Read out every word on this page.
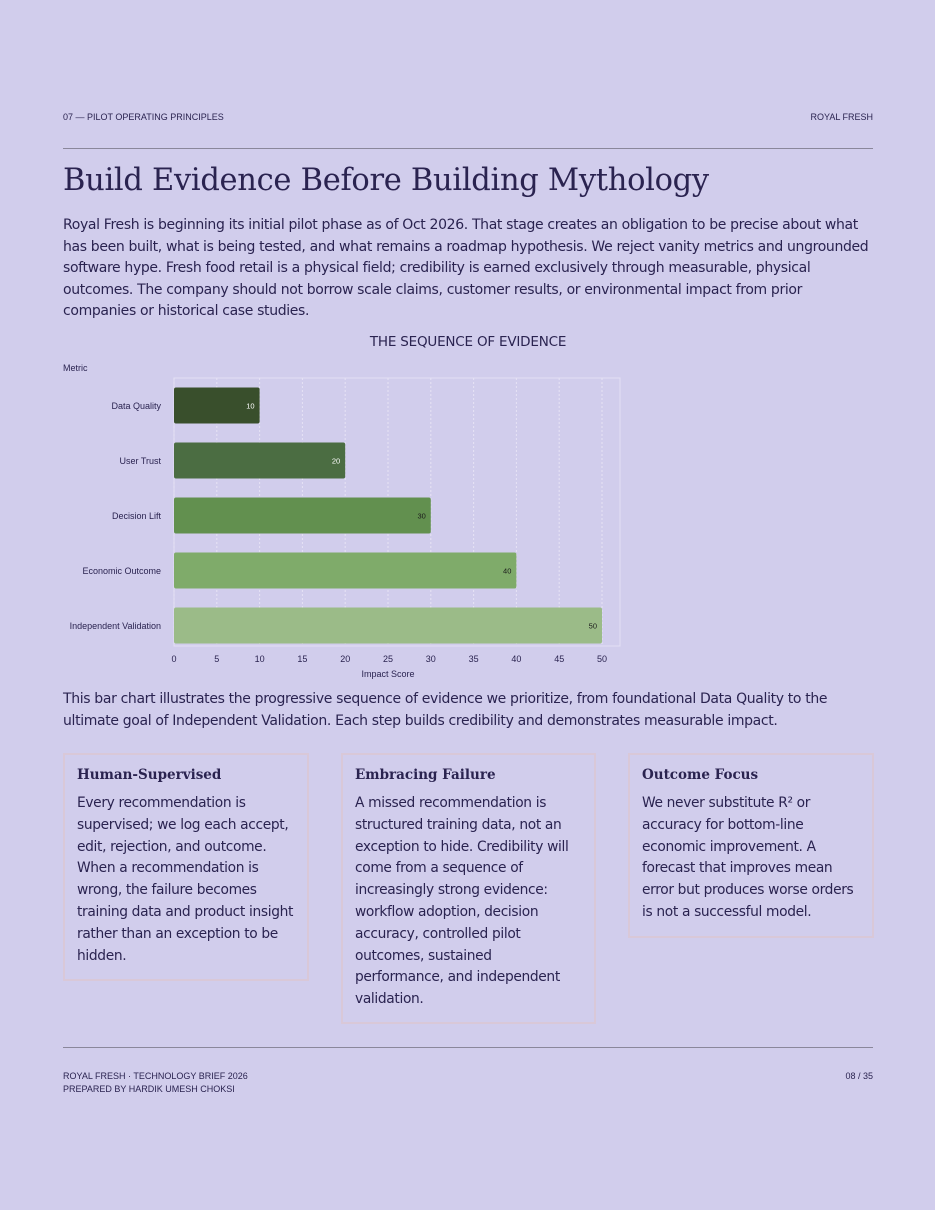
07 — PILOT OPERATING PRINCIPLES	ROYAL FRESH
Build Evidence Before Building Mythology

Royal Fresh is beginning its initial pilot phase as of Oct 2026. That stage creates an obligation to be precise about what has been built, what is being tested, and what remains a roadmap hypothesis. We reject vanity metrics and ungrounded software hype. Fresh food retail is a physical field; credibility is earned exclusively through measurable, physical outcomes. The company should not borrow scale claims, customer results, or environmental impact from prior companies or historical case studies.

THE SEQUENCE OF EVIDENCE
0	5	10	15	20	25	30	35	40	45	50
Metric
Impact Score
Data Quality	10
User Trust	20
Decision Lift	30
Economic Outcome	40
Independent Validation	50

This bar chart illustrates the progressive sequence of evidence we prioritize, from foundational Data Quality to the ultimate goal of Independent Validation. Each step builds credibility and demonstrates measurable impact.

Human-Supervised
Every recommendation is supervised; we log each accept, edit, rejection, and outcome. When a recommendation is wrong, the failure becomes training data and product insight rather than an exception to be hidden.
Embracing Failure
A missed recommendation is structured training data, not an exception to hide. Credibility will come from a sequence of increasingly strong evidence: workflow adoption, decision accuracy, controlled pilot outcomes, sustained performance, and independent validation.
Outcome Focus
We never substitute R² or accuracy for bottom-line economic improvement. A forecast that improves mean error but produces worse orders is not a successful model.
ROYAL FRESH · TECHNOLOGY BRIEF 2026
PREPARED BY HARDIK UMESH CHOKSI
08 / 35
